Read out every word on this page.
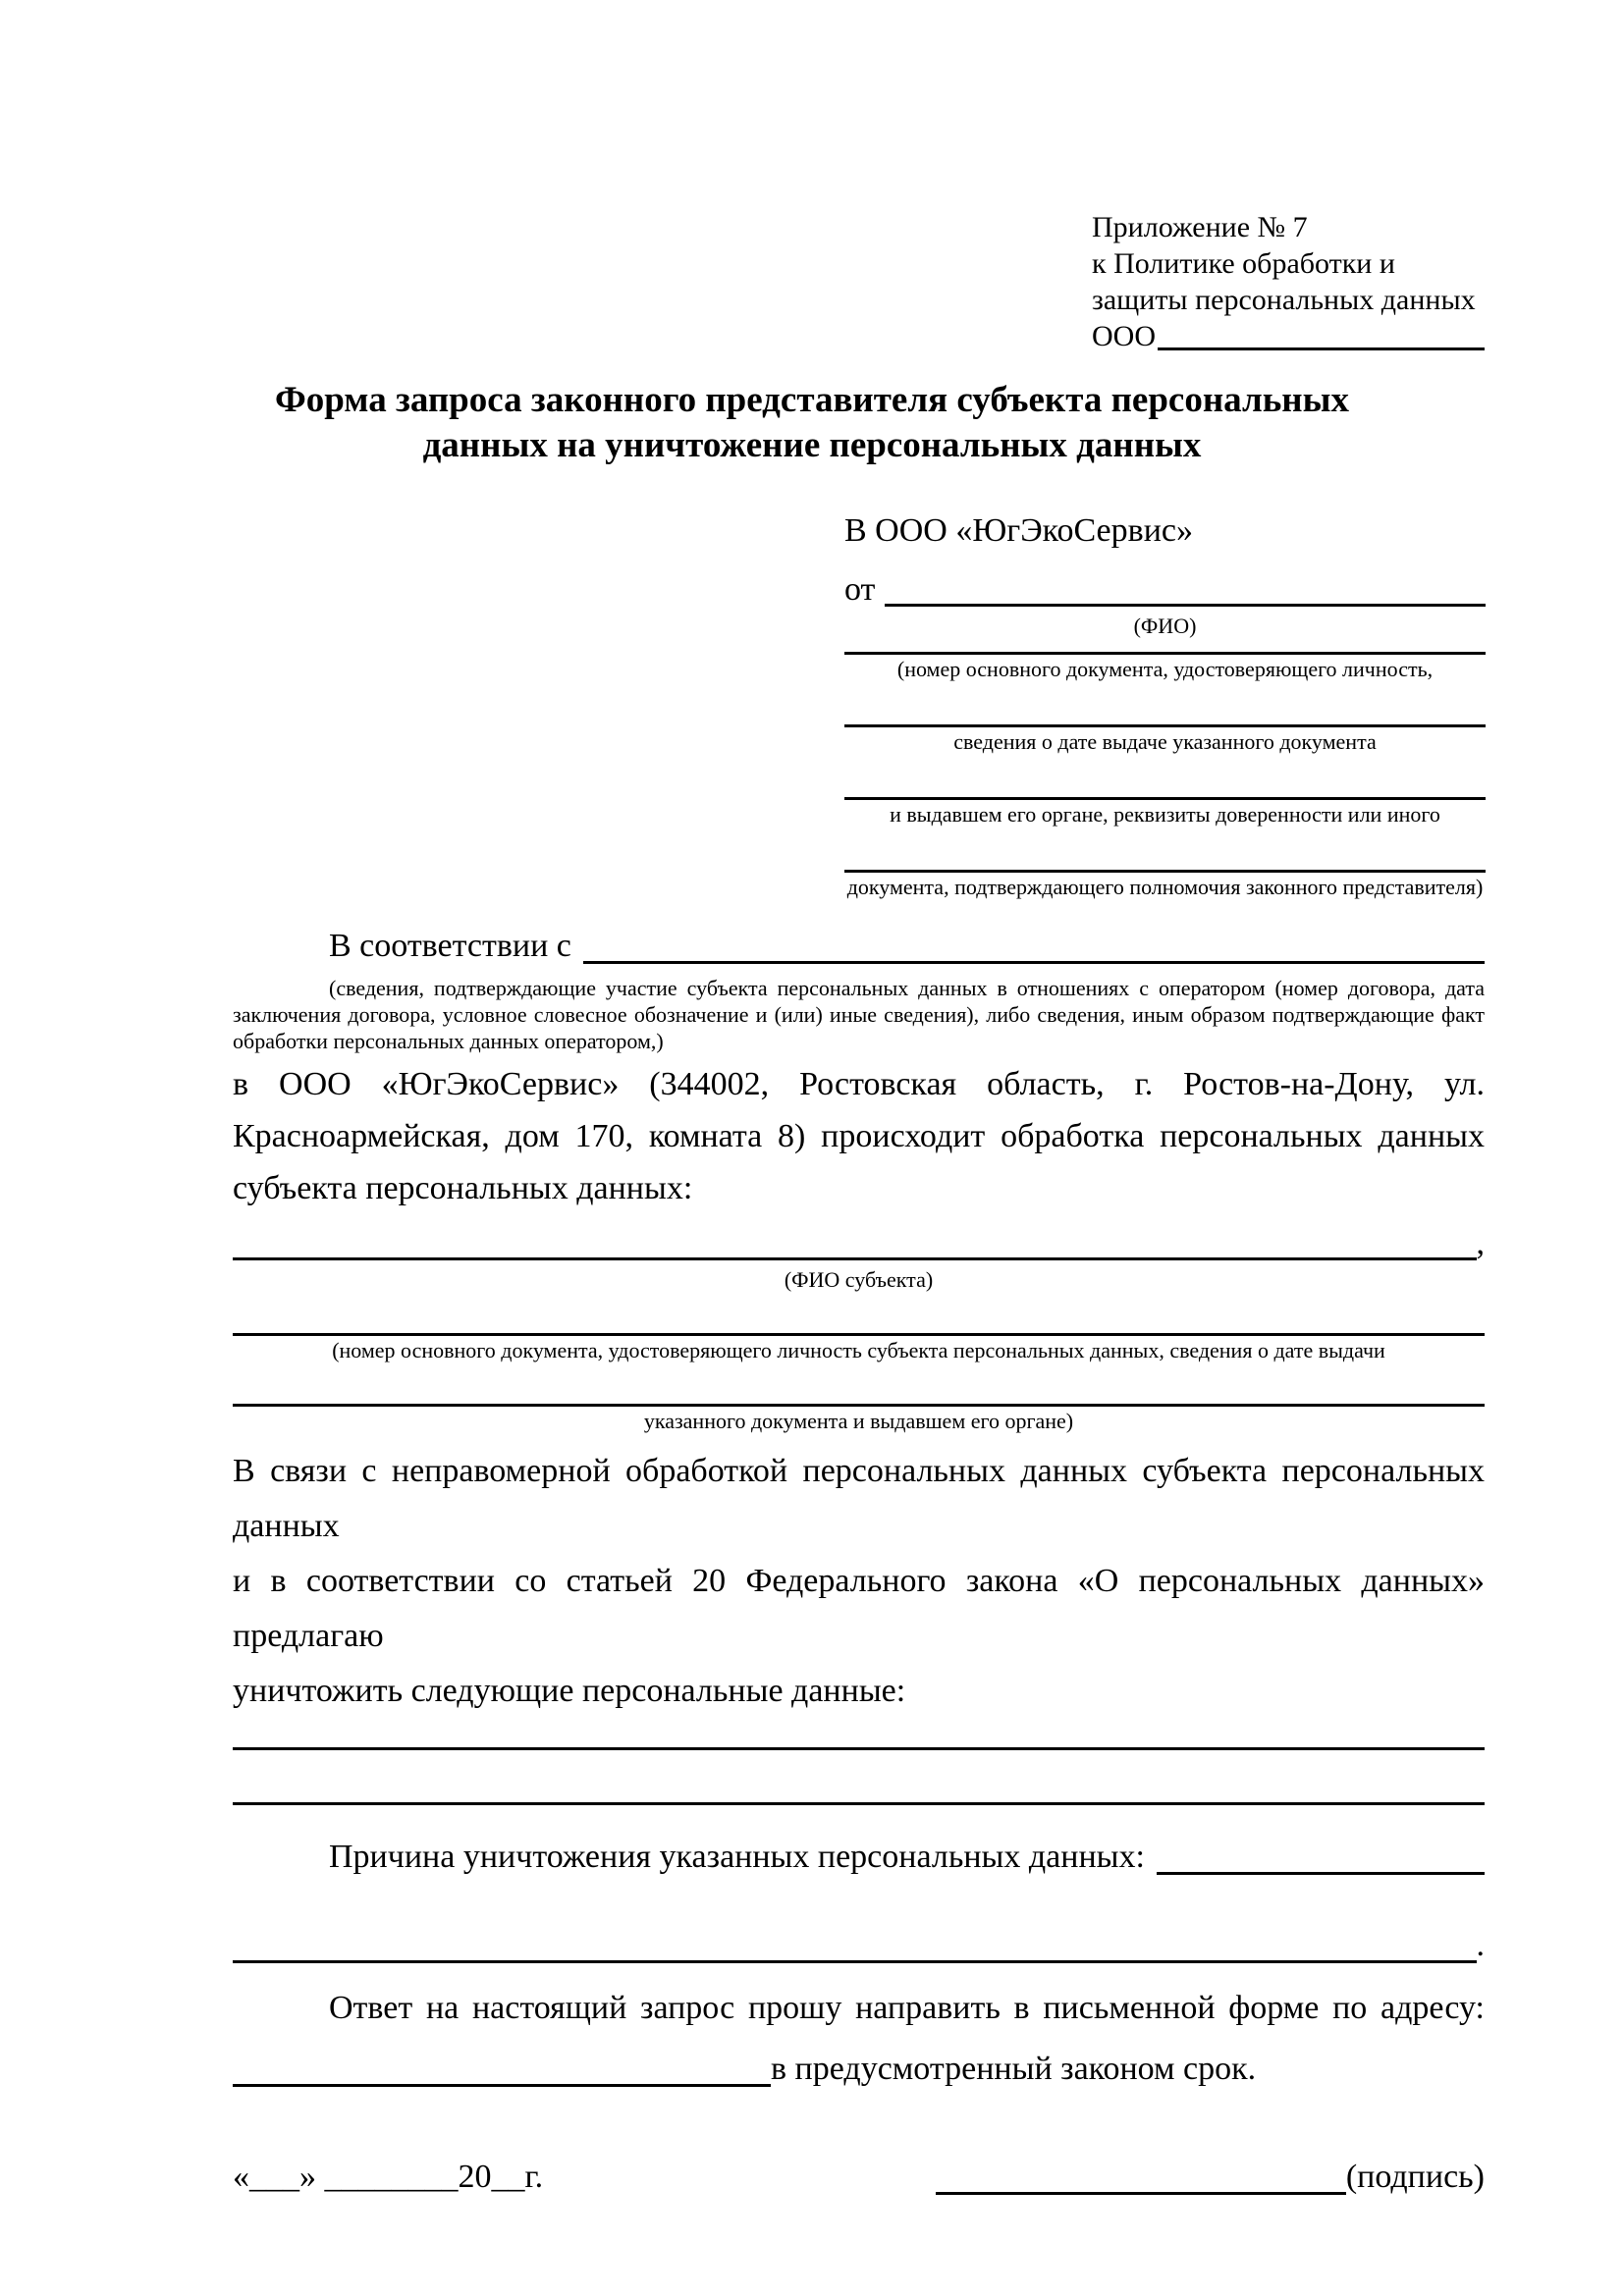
Приложение № 7
к Политике обработки и
защиты персональных данных
ООО
Форма запроса законного представителя субъекта персональных
данных на уничтожение персональных данных
В ООО «ЮгЭкоСервис»
от
(ФИО)
(номер основного документа, удостоверяющего личность,
сведения о дате выдаче указанного документа
и выдавшем его органе, реквизиты доверенности или иного
документа, подтверждающего полномочия законного представителя)
В соответствии с
(сведения, подтверждающие участие субъекта персональных данных в отношениях с оператором (номер договора, дата
заключения договора, условное словесное обозначение и (или) иные сведения), либо сведения, иным образом подтверждающие факт
обработки персональных данных оператором,)
в ООО «ЮгЭкоСервис» (344002, Ростовская область, г. Ростов-на-Дону, ул.
Красноармейская, дом 170, комната 8) происходит обработка персональных данных
субъекта персональных данных:
,
(ФИО субъекта)
(номер основного документа, удостоверяющего личность субъекта персональных данных, сведения о дате выдачи
указанного документа и выдавшем его органе)
В связи с неправомерной обработкой персональных данных субъекта персональных данных
и в соответствии со статьей 20 Федерального закона «О персональных данных» предлагаю
уничтожить следующие персональные данные:
Причина уничтожения указанных персональных данных:
.
Ответ на настоящий запрос прошу направить в письменной форме по адресу:
в предусмотренный законом срок.
«___» ________20__г.	(подпись)
